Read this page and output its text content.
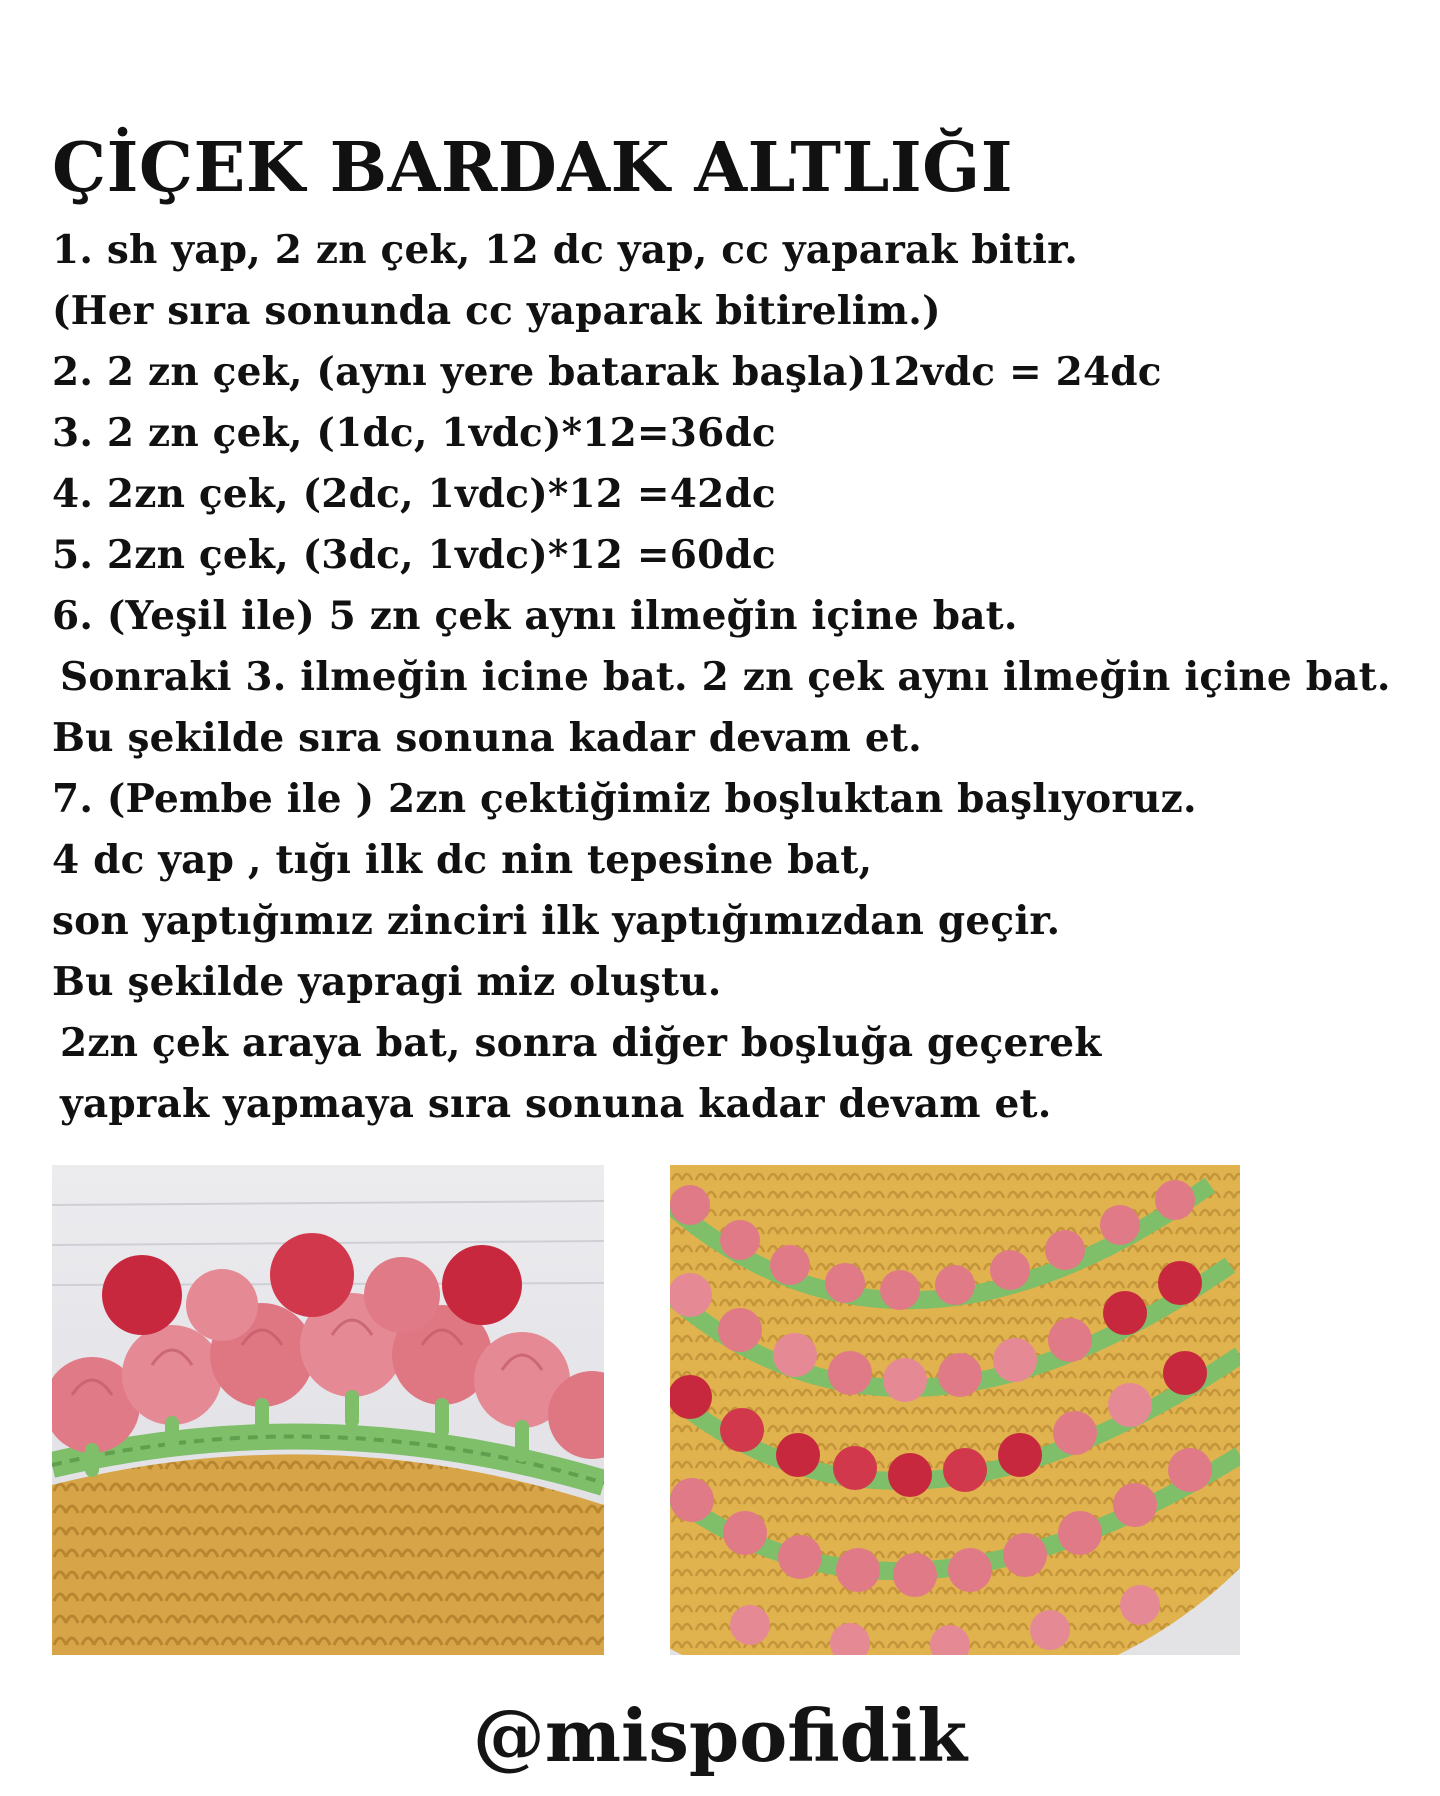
ÇİÇEK BARDAK ALTLIĞI
1. sh yap, 2 zn çek, 12 dc yap, cc yaparak bitir.
(Her sıra sonunda cc yaparak bitirelim.)
2. 2 zn çek, (aynı yere batarak başla)12vdc = 24dc
3. 2 zn çek, (1dc, 1vdc)*12=36dc
4. 2zn çek, (2dc, 1vdc)*12 =42dc
5. 2zn çek, (3dc, 1vdc)*12 =60dc
6. (Yeşil ile) 5 zn çek aynı ilmeğin içine bat.
Sonraki 3. ilmeğin icine bat. 2 zn çek aynı ilmeğin içine bat.
Bu şekilde sıra sonuna kadar devam et.
7. (Pembe ile ) 2zn çektiğimiz boşluktan başlıyoruz.
4 dc yap , tığı ilk dc nin tepesine bat,
son yaptığımız zinciri ilk yaptığımızdan geçir.
Bu şekilde yapragi miz oluştu.
2zn çek araya bat, sonra diğer boşluğa geçerek
yaprak yapmaya sıra sonuna kadar devam et.
@mispofidik
